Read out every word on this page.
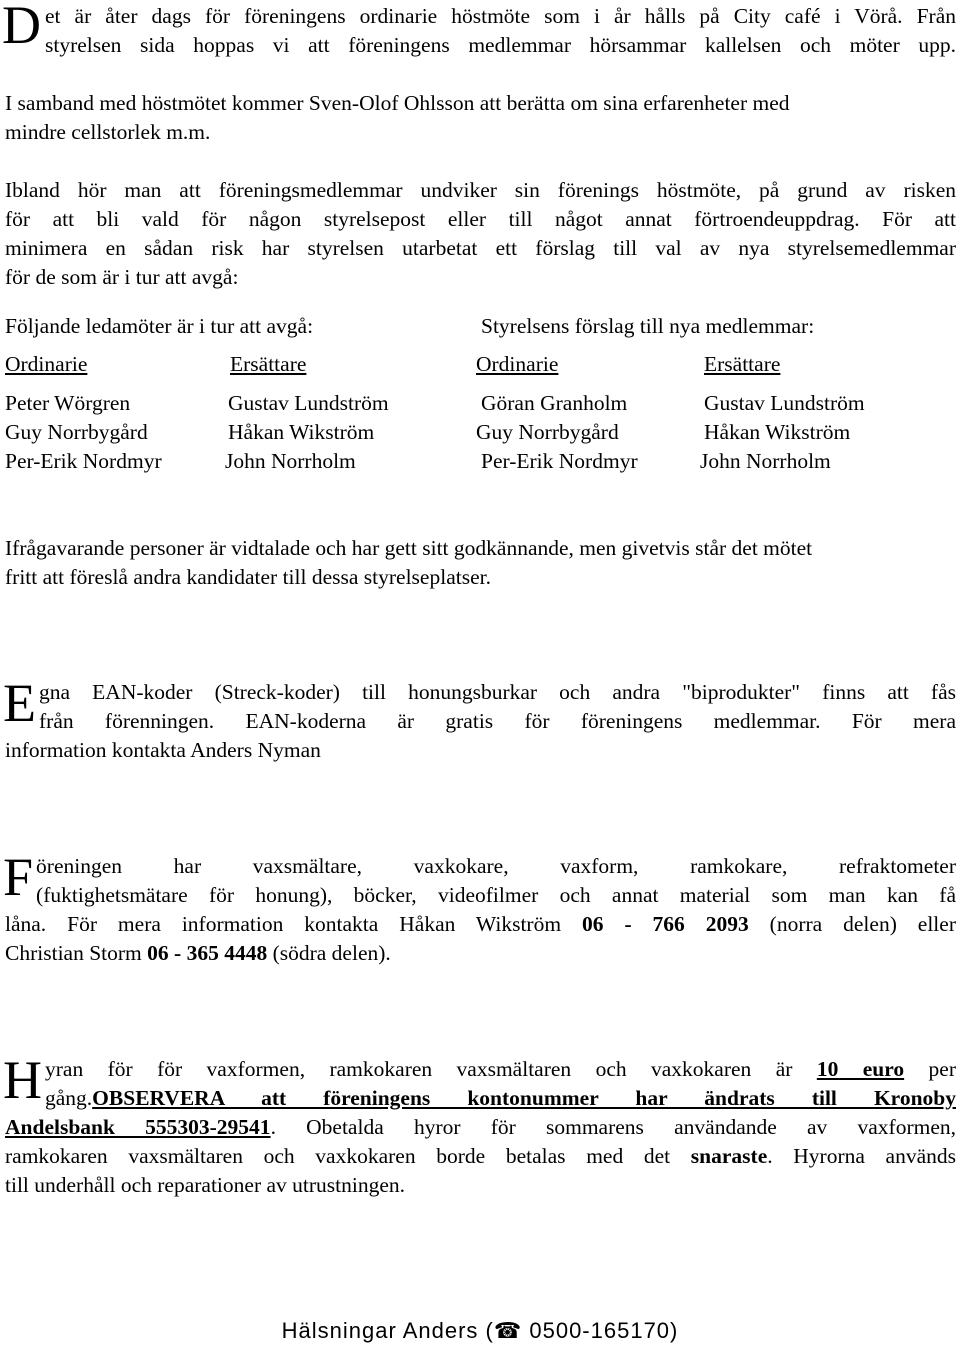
D et är åter dags för föreningens ordinarie höstmöte som i år hålls på City café i Vörå. Från
styrelsen sida hoppas vi att föreningens medlemmar hörsammar kallelsen och möter upp.
I samband med höstmötet kommer Sven-Olof Ohlsson att berätta om sina erfarenheter med
mindre cellstorlek m.m.
Ibland hör man att föreningsmedlemmar undviker sin förenings höstmöte, på grund av risken
för att bli vald för någon styrelsepost eller till något annat förtroendeuppdrag. För att
minimera en sådan risk har styrelsen utarbetat ett förslag till val av nya styrelsemedlemmar
för de som är i tur att avgå:
Följande ledamöter är i tur att avgå:	Styrelsens förslag till nya medlemmar:
Ordinarie	Ersättare	Ordinarie	Ersättare
Peter Wörgren	Gustav Lundström	Göran Granholm	Gustav Lundström
Guy Norrbygård	Håkan Wikström	Guy Norrbygård	Håkan Wikström
Per-Erik Nordmyr	John Norrholm	Per-Erik Nordmyr	John Norrholm
Ifrågavarande personer är vidtalade och har gett sitt godkännande, men givetvis står det mötet
fritt att föreslå andra kandidater till dessa styrelseplatser.
E gna EAN-koder (Streck-koder) till honungsburkar och andra "biprodukter" finns att fås
från förenningen. EAN-koderna är gratis för föreningens medlemmar. För mera
information kontakta Anders Nyman
F öreningen har vaxsmältare, vaxkokare, vaxform, ramkokare, refraktometer
(fuktighetsmätare för honung), böcker, videofilmer och annat material som man kan få
låna. För mera information kontakta Håkan Wikström 06 - 766 2093 (norra delen) eller
Christian Storm 06 - 365 4448 (södra delen).
H yran för för vaxformen, ramkokaren vaxsmältaren och vaxkokaren är 10 euro per
gång.OBSERVERA att föreningens kontonummer har ändrats till Kronoby
Andelsbank 555303-29541. Obetalda hyror för sommarens användande av vaxformen,
ramkokaren vaxsmältaren och vaxkokaren borde betalas med det snaraste. Hyrorna används
till underhåll och reparationer av utrustningen.
Hälsningar Anders (☎ 0500-165170)
